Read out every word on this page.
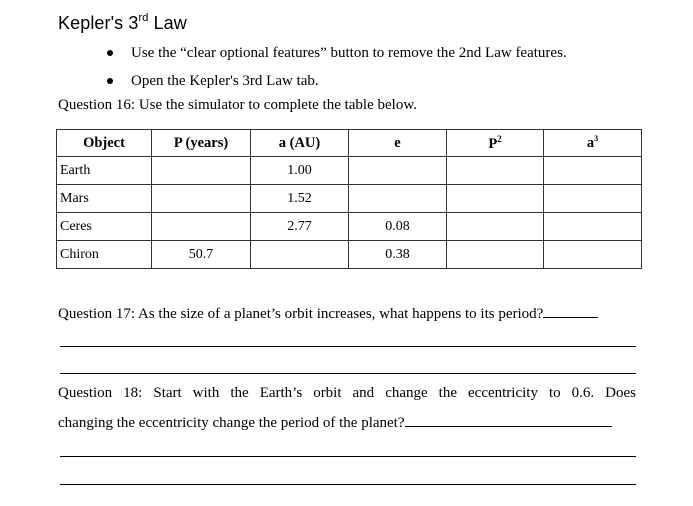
Kepler's 3rd Law
Use the “clear optional features” button to remove the 2nd Law features.
Open the Kepler's 3rd Law tab.
Question 16: Use the simulator to complete the table below.
Object	P (years)	a (AU)	e	$P^2$	$a^3$
Earth		1.00			
Mars		1.52			
Ceres		2.77	0.08		
Chiron	50.7		0.38		
Question 17: As the size of a planet’s orbit increases, what happens to its period?
Question 18: Start with the Earth’s orbit and change the eccentricity to 0.6. Does
changing the eccentricity change the period of the planet?
